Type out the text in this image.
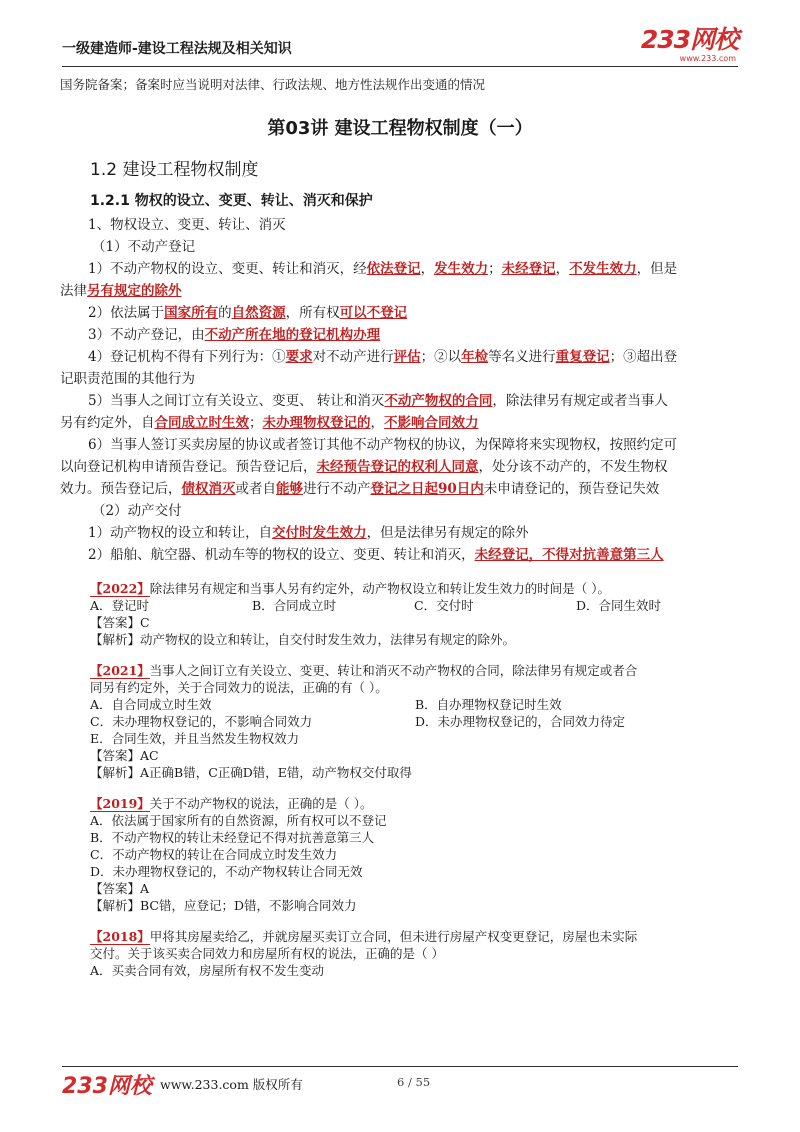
一级建造师-建设工程法规及相关知识	233网校
www.233.com
国务院备案；备案时应当说明对法律、行政法规、地方性法规作出变通的情况
第03讲 建设工程物权制度（一）
1.2 建设工程物权制度
1.2.1 物权的设立、变更、转让、消灭和保护
1、物权设立、变更、转让、消灭
（1）不动产登记
1）不动产物权的设立、变更、转让和消灭，经依法登记，发生效力；未经登记，不发生效力，但是
法律另有规定的除外
2）依法属于国家所有的自然资源，所有权可以不登记
3）不动产登记，由不动产所在地的登记机构办理
4）登记机构不得有下列行为：①要求对不动产进行评估；②以年检等名义进行重复登记；③超出登
记职责范围的其他行为
5）当事人之间订立有关设立、变更、 转让和消灭不动产物权的合同，除法律另有规定或者当事人
另有约定外，自合同成立时生效；未办理物权登记的，不影响合同效力
6）当事人签订买卖房屋的协议或者签订其他不动产物权的协议，为保障将来实现物权，按照约定可
以向登记机构申请预告登记。预告登记后，未经预告登记的权利人同意，处分该不动产的，不发生物权
效力。预告登记后，债权消灭或者自能够进行不动产登记之日起90日内未申请登记的，预告登记失效
（2）动产交付
1）动产物权的设立和转让，自交付时发生效力，但是法律另有规定的除外
2）船舶、航空器、机动车等的物权的设立、变更、转让和消灭，未经登记，不得对抗善意第三人
【2022】除法律另有规定和当事人另有约定外，动产物权设立和转让发生效力的时间是（ ）。
A．登记时	B．合同成立时	C．交付时	D．合同生效时
【答案】C
【解析】动产物权的设立和转让，自交付时发生效力，法律另有规定的除外。
【2021】当事人之间订立有关设立、变更、转让和消灭不动产物权的合同，除法律另有规定或者合
同另有约定外，关于合同效力的说法，正确的有（ ）。
A．自合同成立时生效	B．自办理物权登记时生效
C．未办理物权登记的，不影响合同效力	D．未办理物权登记的，合同效力待定
E．合同生效，并且当然发生物权效力
【答案】AC
【解析】A正确B错，C正确D错，E错，动产物权交付取得
【2019】关于不动产物权的说法，正确的是（ ）。
A．依法属于国家所有的自然资源，所有权可以不登记
B．不动产物权的转让未经登记不得对抗善意第三人
C．不动产物权的转让在合同成立时发生效力
D．未办理物权登记的，不动产物权转让合同无效
【答案】A
【解析】BC错，应登记；D错，不影响合同效力
【2018】甲将其房屋卖给乙，并就房屋买卖订立合同，但未进行房屋产权变更登记，房屋也未实际
交付。关于该买卖合同效力和房屋所有权的说法，正确的是（ ）
A．买卖合同有效，房屋所有权不发生变动
233网校 www.233.com 版权所有	6 / 55
